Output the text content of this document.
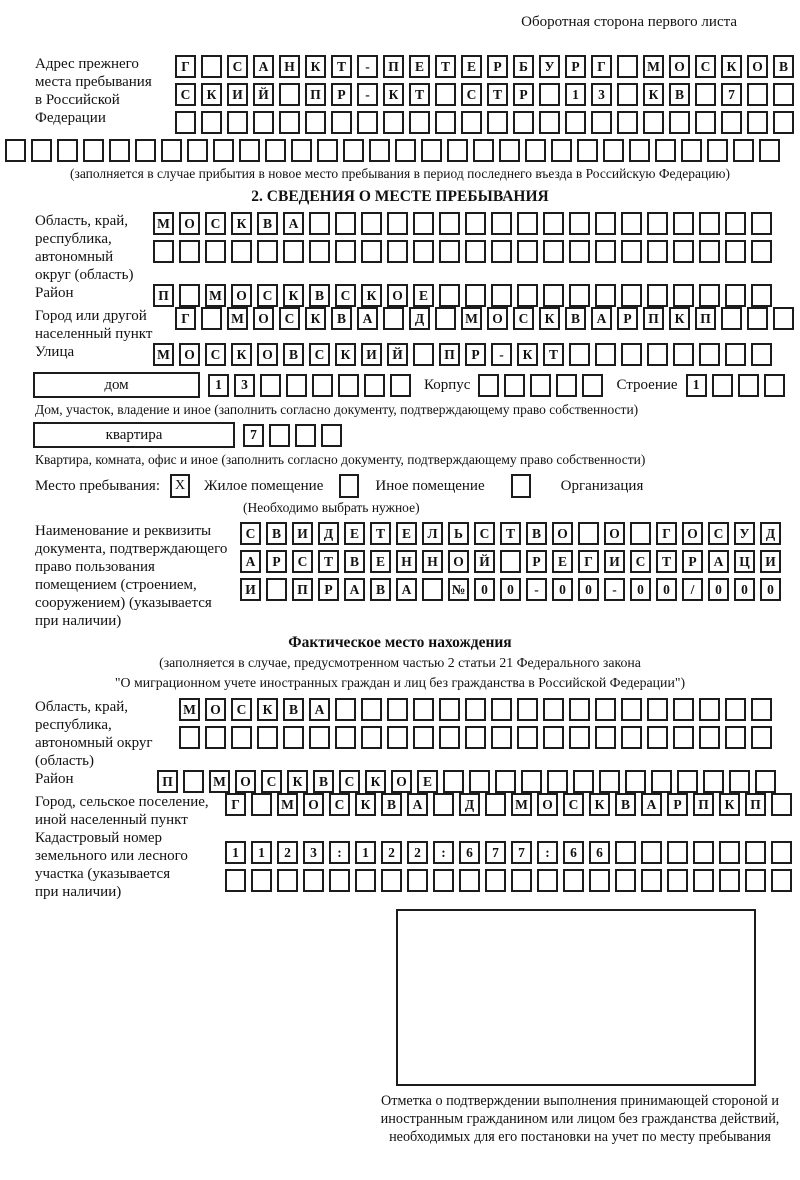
Оборотная сторона первого листа
Адрес прежнего
места пребывания
в Российской
Федерации
Г	С	А	Н	К	Т	-	П	Е	Т	Е	Р	Б	У	Р	Г	М	О	С	К	О	В
С	К	И	Й	П	Р	-	К	Т	С	Т	Р	1	3	К	В	7
(заполняется в случае прибытия в новое место пребывания в период последнего въезда в Российскую Федерацию)
2. СВЕДЕНИЯ О МЕСТЕ ПРЕБЫВАНИЯ
Область, край,
республика,
автономный
округ (область)
М	О	С	К	В	А
Район	П	М	О	С	К	В	С	К	О	Е
Город или другой
населенный пункт
Г	М	О	С	К	В	А	Д	М	О	С	К	В	А	Р	П	К	П
Улица	М	О	С	К	О	В	С	К	И	Й	П	Р	-	К	Т
дом	1	3	Корпус	Строение	1
Дом, участок, владение и иное (заполнить согласно документу, подтверждающему право собственности)
квартира	7
Квартира, комната, офис и иное (заполнить согласно документу, подтверждающему право собственности)
Место пребывания:	X	Жилое помещение	Иное помещение	Организация
(Необходимо выбрать нужное)
Наименование и реквизиты
документа, подтверждающего
право пользования
помещением (строением,
сооружением) (указывается
при наличии)
С	В	И	Д	Е	Т	Е	Л	Ь	С	Т	В	О	О	Г	О	С	У	Д
А	Р	С	Т	В	Е	Н	Н	О	Й	Р	Е	Г	И	С	Т	Р	А	Ц	И
И	П	Р	А	В	А	№	0	0	-	0	0	-	0	0	/	0	0	0
Фактическое место нахождения
(заполняется в случае, предусмотренном частью 2 статьи 21 Федерального закона
"О миграционном учете иностранных граждан и лиц без гражданства в Российской Федерации")
Область, край,
республика,
автономный округ
(область)
М	О	С	К	В	А
Район	П	М	О	С	К	В	С	К	О	Е
Город, сельское поселение,
иной населенный пункт
Г	М	О	С	К	В	А	Д	М	О	С	К	В	А	Р	П	К	П
Кадастровый номер
земельного или лесного
участка (указывается
при наличии)
1	1	2	3	:	1	2	2	:	6	7	7	:	6	6
Отметка о подтверждении выполнения принимающей стороной и иностранным гражданином или лицом без гражданства действий, необходимых для его постановки на учет по месту пребывания
